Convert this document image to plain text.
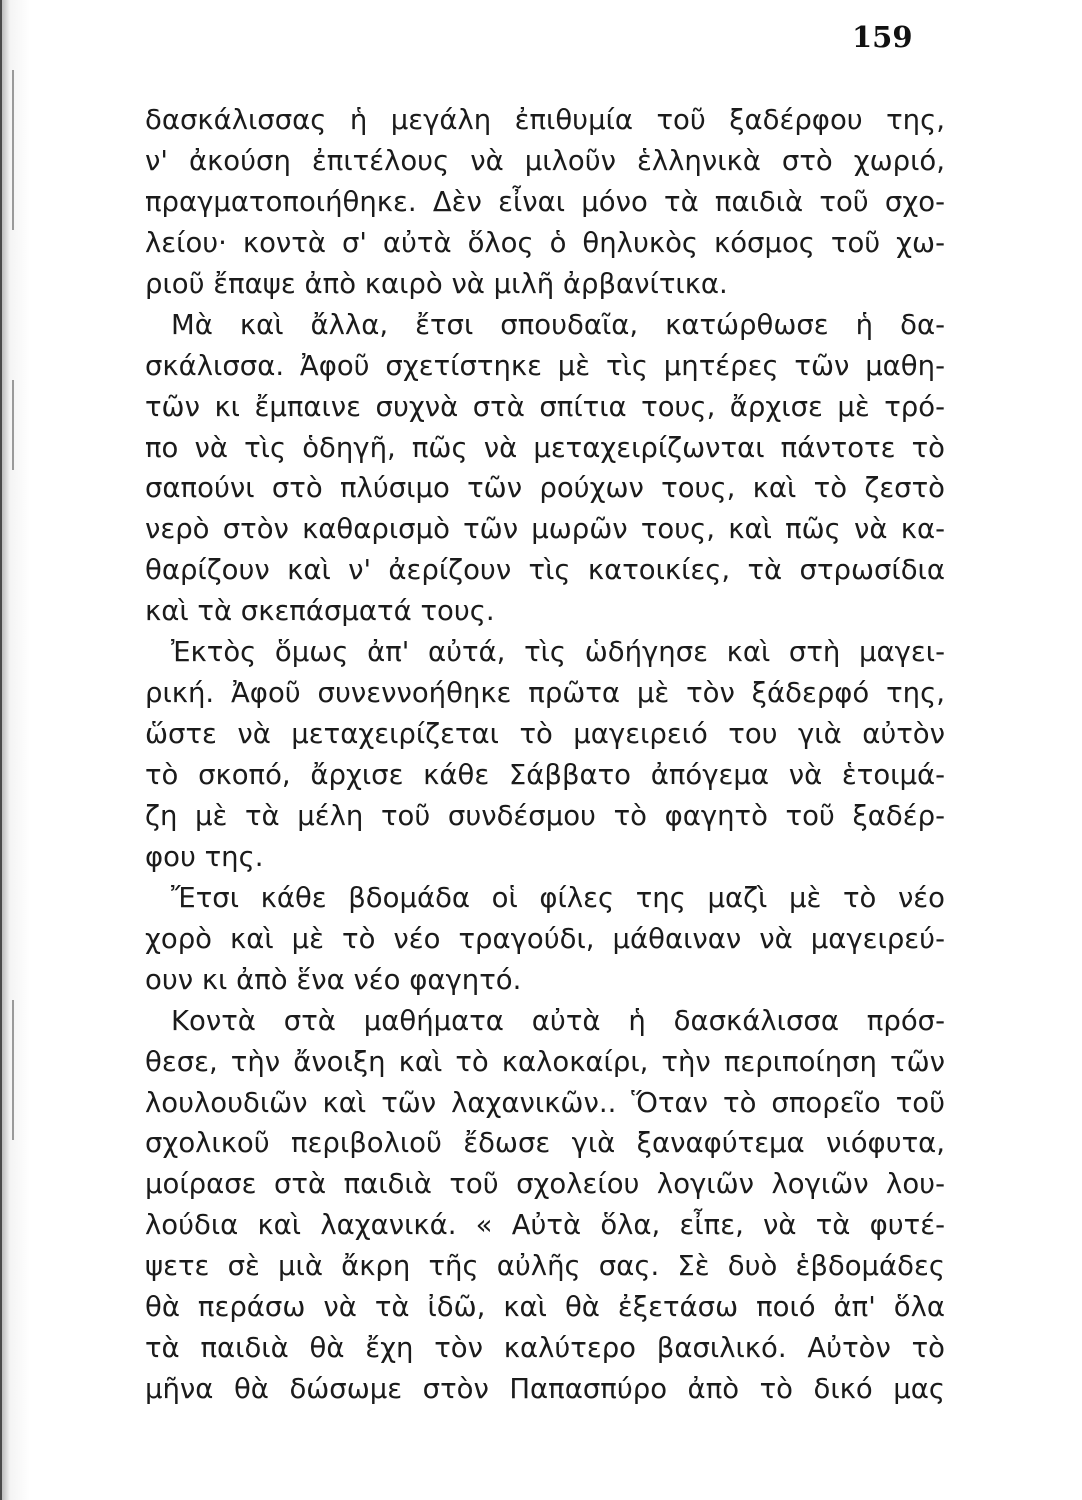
159
δασκάλισσας ἡ μεγάλη ἐπιθυμία τοῦ ξαδέρφου της,
ν' ἀκούση ἐπιτέλους νὰ μιλοῦν ἑλληνικὰ στὸ χωριό,
πραγματοποιήθηκε. Δὲν εἶναι μόνο τὰ παιδιὰ τοῦ σχο-
λείου· κοντὰ σ' αὐτὰ ὅλος ὁ θηλυκὸς κόσμος τοῦ χω-
ριοῦ ἔπαψε ἀπὸ καιρὸ νὰ μιλῆ ἀρβανίτικα.
Μὰ καὶ ἄλλα, ἔτσι σπουδαῖα, κατώρθωσε ἡ δα-
σκάλισσα. Ἀφοῦ σχετίστηκε μὲ τὶς μητέρες τῶν μαθη-
τῶν κι ἔμπαινε συχνὰ στὰ σπίτια τους, ἄρχισε μὲ τρό-
πο νὰ τὶς ὁδηγῆ, πῶς νὰ μεταχειρίζωνται πάντοτε τὸ
σαπούνι στὸ πλύσιμο τῶν ρούχων τους, καὶ τὸ ζεστὸ
νερὸ στὸν καθαρισμὸ τῶν μωρῶν τους, καὶ πῶς νὰ κα-
θαρίζουν καὶ ν' ἀερίζουν τὶς κατοικίες, τὰ στρωσίδια
καὶ τὰ σκεπάσματά τους.
Ἐκτὸς ὅμως ἀπ' αὐτά, τὶς ὡδήγησε καὶ στὴ μαγει-
ρική. Ἀφοῦ συνεννοήθηκε πρῶτα μὲ τὸν ξάδερφό της,
ὥστε νὰ μεταχειρίζεται τὸ μαγειρειό του γιὰ αὐτὸν
τὸ σκοπό, ἄρχισε κάθε Σάββατο ἀπόγεμα νὰ ἑτοιμά-
ζη μὲ τὰ μέλη τοῦ συνδέσμου τὸ φαγητὸ τοῦ ξαδέρ-
φου της.
Ἔτσι κάθε βδομάδα οἱ φίλες της μαζὶ μὲ τὸ νέο
χορὸ καὶ μὲ τὸ νέο τραγούδι, μάθαιναν νὰ μαγειρεύ-
ουν κι ἀπὸ ἕνα νέο φαγητό.
Κοντὰ στὰ μαθήματα αὐτὰ ἡ δασκάλισσα πρόσ-
θεσε, τὴν ἄνοιξη καὶ τὸ καλοκαίρι, τὴν περιποίηση τῶν
λουλουδιῶν καὶ τῶν λαχανικῶν.. Ὅταν τὸ σπορεῖο τοῦ
σχολικοῦ περιβολιοῦ ἔδωσε γιὰ ξαναφύτεμα νιόφυτα,
μοίρασε στὰ παιδιὰ τοῦ σχολείου λογιῶν λογιῶν λου-
λούδια καὶ λαχανικά. « Αὐτὰ ὅλα, εἶπε, νὰ τὰ φυτέ-
ψετε σὲ μιὰ ἄκρη τῆς αὐλῆς σας. Σὲ δυὸ ἑβδομάδες
θὰ περάσω νὰ τὰ ἰδῶ, καὶ θὰ ἐξετάσω ποιό ἀπ' ὅλα
τὰ παιδιὰ θὰ ἔχη τὸν καλύτερο βασιλικό. Αὐτὸν τὸ
μῆνα θὰ δώσωμε στὸν Παπασπύρο ἀπὸ τὸ δικό μας
